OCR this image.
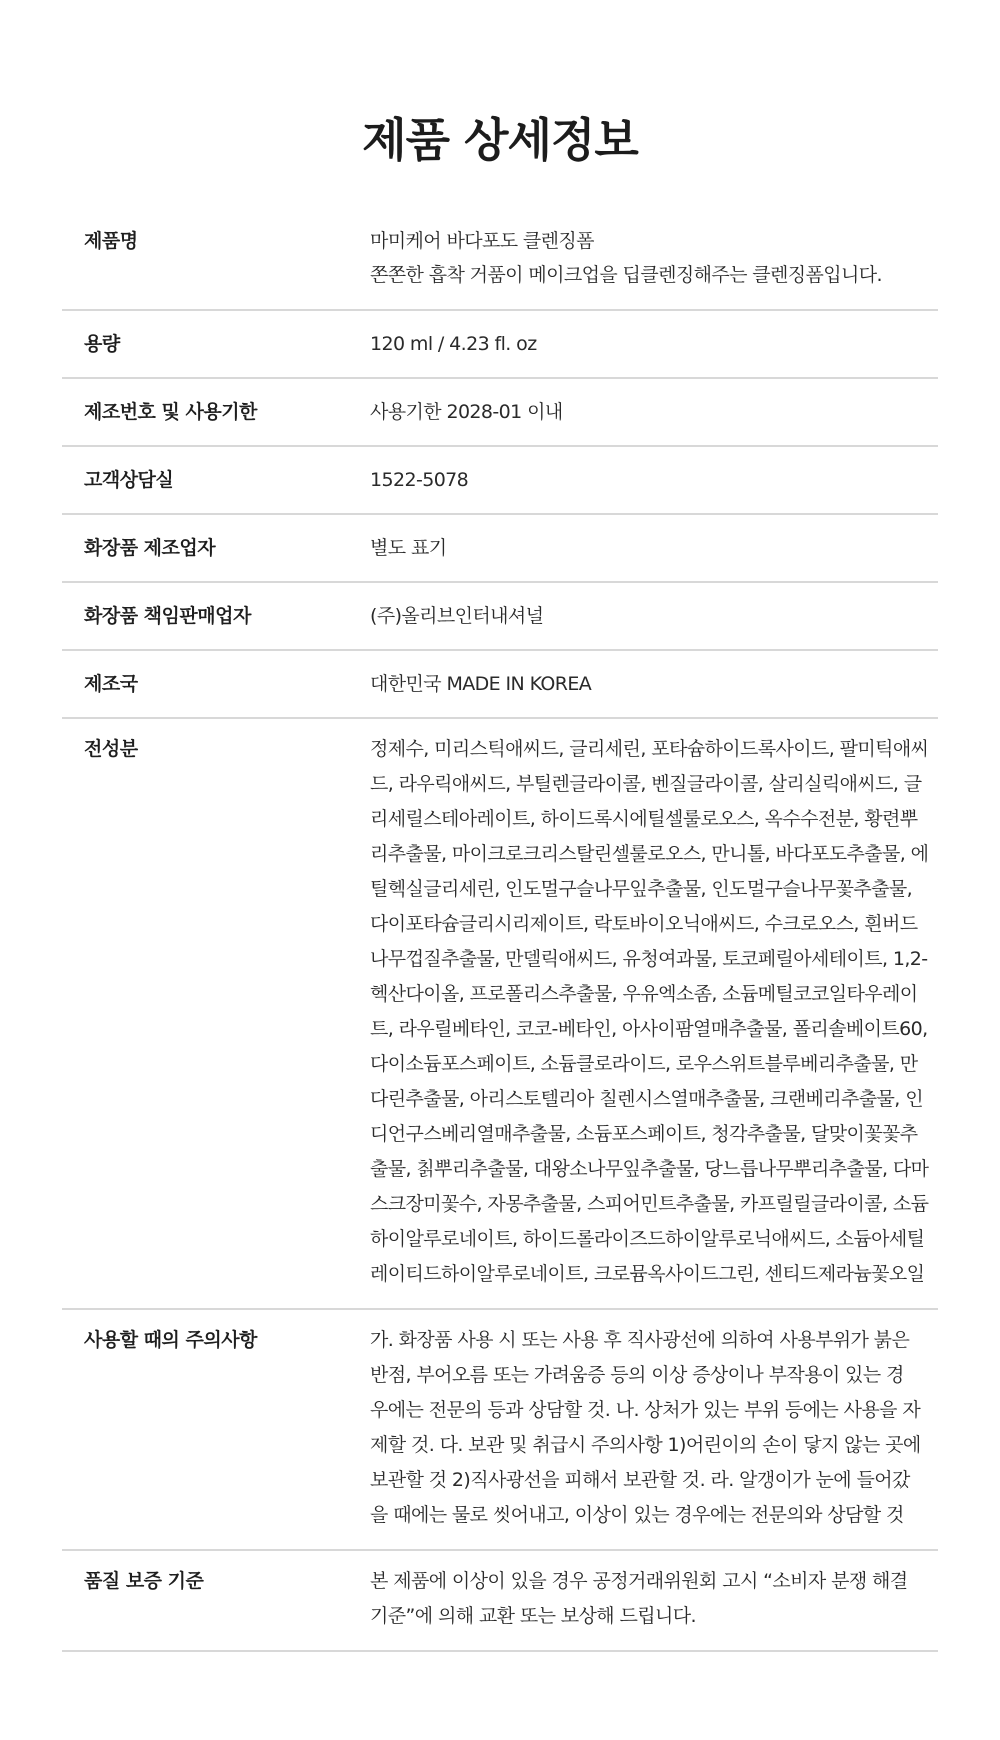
제품 상세정보
제품명	마미케어 바다포도 클렌징폼
쫀쫀한 흡착 거품이 메이크업을 딥클렌징해주는 클렌징폼입니다.
용량	120 ml / 4.23 fl. oz
제조번호 및 사용기한	사용기한 2028-01 이내
고객상담실	1522-5078
화장품 제조업자	별도 표기
화장품 책임판매업자	(주)올리브인터내셔널
제조국	대한민국 MADE IN KOREA
전성분	정제수, 미리스틱애씨드, 글리세린, 포타슘하이드록사이드, 팔미틱애씨
드, 라우릭애씨드, 부틸렌글라이콜, 벤질글라이콜, 살리실릭애씨드, 글
리세릴스테아레이트, 하이드록시에틸셀룰로오스, 옥수수전분, 황련뿌
리추출물, 마이크로크리스탈린셀룰로오스, 만니톨, 바다포도추출물, 에
틸헥실글리세린, 인도멀구슬나무잎추출물, 인도멀구슬나무꽃추출물,
다이포타슘글리시리제이트, 락토바이오닉애씨드, 수크로오스, 흰버드
나무껍질추출물, 만델릭애씨드, 유청여과물, 토코페릴아세테이트, 1,2-
헥산다이올, 프로폴리스추출물, 우유엑소좀, 소듐메틸코코일타우레이
트, 라우릴베타인, 코코-베타인, 아사이팜열매추출물, 폴리솔베이트60,
다이소듐포스페이트, 소듐클로라이드, 로우스위트블루베리추출물, 만
다린추출물, 아리스토텔리아 칠렌시스열매추출물, 크랜베리추출물, 인
디언구스베리열매추출물, 소듐포스페이트, 청각추출물, 달맞이꽃꽃추
출물, 칡뿌리추출물, 대왕소나무잎추출물, 당느릅나무뿌리추출물, 다마
스크장미꽃수, 자몽추출물, 스피어민트추출물, 카프릴릴글라이콜, 소듐
하이알루로네이트, 하이드롤라이즈드하이알루로닉애씨드, 소듐아세틸
레이티드하이알루로네이트, 크로뮴옥사이드그린, 센티드제라늄꽃오일
사용할 때의 주의사항	가. 화장품 사용 시 또는 사용 후 직사광선에 의하여 사용부위가 붉은
반점, 부어오름 또는 가려움증 등의 이상 증상이나 부작용이 있는 경
우에는 전문의 등과 상담할 것. 나. 상처가 있는 부위 등에는 사용을 자
제할 것. 다. 보관 및 취급시 주의사항 1)어린이의 손이 닿지 않는 곳에
보관할 것 2)직사광선을 피해서 보관할 것. 라. 알갱이가 눈에 들어갔
을 때에는 물로 씻어내고, 이상이 있는 경우에는 전문의와 상담할 것
품질 보증 기준	본 제품에 이상이 있을 경우 공정거래위원회 고시 “소비자 분쟁 해결
기준”에 의해 교환 또는 보상해 드립니다.
